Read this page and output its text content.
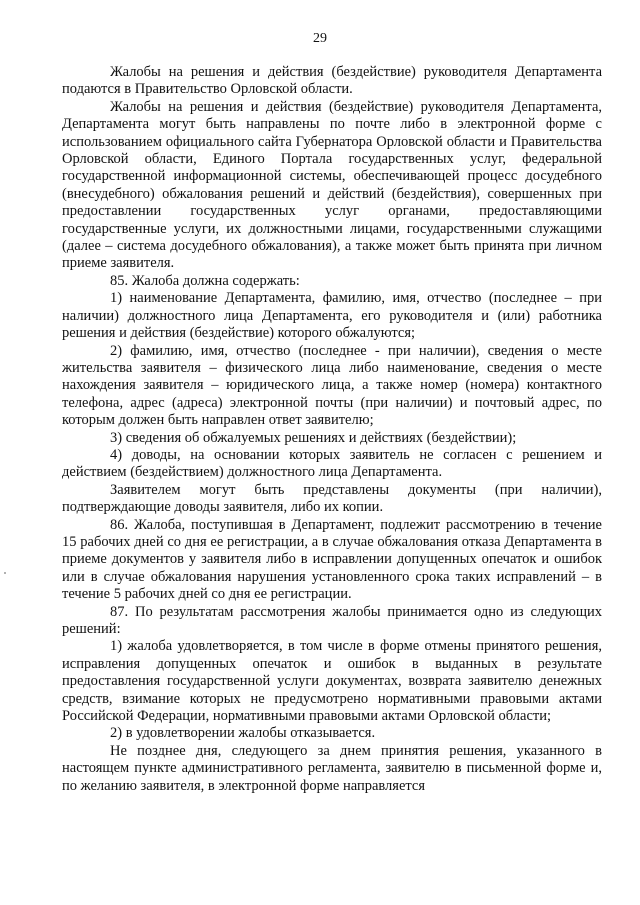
29

Жалобы на решения и действия (бездействие) руководителя Департамента подаются в Правительство Орловской области.

Жалобы на решения и действия (бездействие) руководителя Департамента, Департамента могут быть направлены по почте либо в электронной форме с использованием официального сайта Губернатора Орловской области и Правительства Орловской области, Единого Портала государственных услуг, федеральной государственной информационной системы, обеспечивающей процесс досудебного (внесудебного) обжалования решений и действий (бездействия), совершенных при предоставлении государственных услуг органами, предоставляющими государственные услуги, их должностными лицами, государственными служащими (далее – система досудебного обжалования), а также может быть принята при личном приеме заявителя.

85. Жалоба должна содержать:

1) наименование Департамента, фамилию, имя, отчество (последнее – при наличии) должностного лица Департамента, его руководителя и (или) работника решения и действия (бездействие) которого обжалуются;

2) фамилию, имя, отчество (последнее - при наличии), сведения о месте жительства заявителя – физического лица либо наименование, сведения о месте нахождения заявителя – юридического лица, а также номер (номера) контактного телефона, адрес (адреса) электронной почты (при наличии) и почтовый адрес, по которым должен быть направлен ответ заявителю;

3) сведения об обжалуемых решениях и действиях (бездействии);

4) доводы, на основании которых заявитель не согласен с решением и действием (бездействием) должностного лица Департамента.

Заявителем могут быть представлены документы (при наличии), подтверждающие доводы заявителя, либо их копии.

86. Жалоба, поступившая в Департамент, подлежит рассмотрению в течение 15 рабочих дней со дня ее регистрации, а в случае обжалования отказа Департамента в приеме документов у заявителя либо в исправлении допущенных опечаток и ошибок или в случае обжалования нарушения установленного срока таких исправлений – в течение 5 рабочих дней со дня ее регистрации.

87. По результатам рассмотрения жалобы принимается одно из следующих решений:

1) жалоба удовлетворяется, в том числе в форме отмены принятого решения, исправления допущенных опечаток и ошибок в выданных в результате предоставления государственной услуги документах, возврата заявителю денежных средств, взимание которых не предусмотрено нормативными правовыми актами Российской Федерации, нормативными правовыми актами Орловской области;

2) в удовлетворении жалобы отказывается.

Не позднее дня, следующего за днем принятия решения, указанного в настоящем пункте административного регламента, заявителю в письменной форме и, по желанию заявителя, в электронной форме направляется
